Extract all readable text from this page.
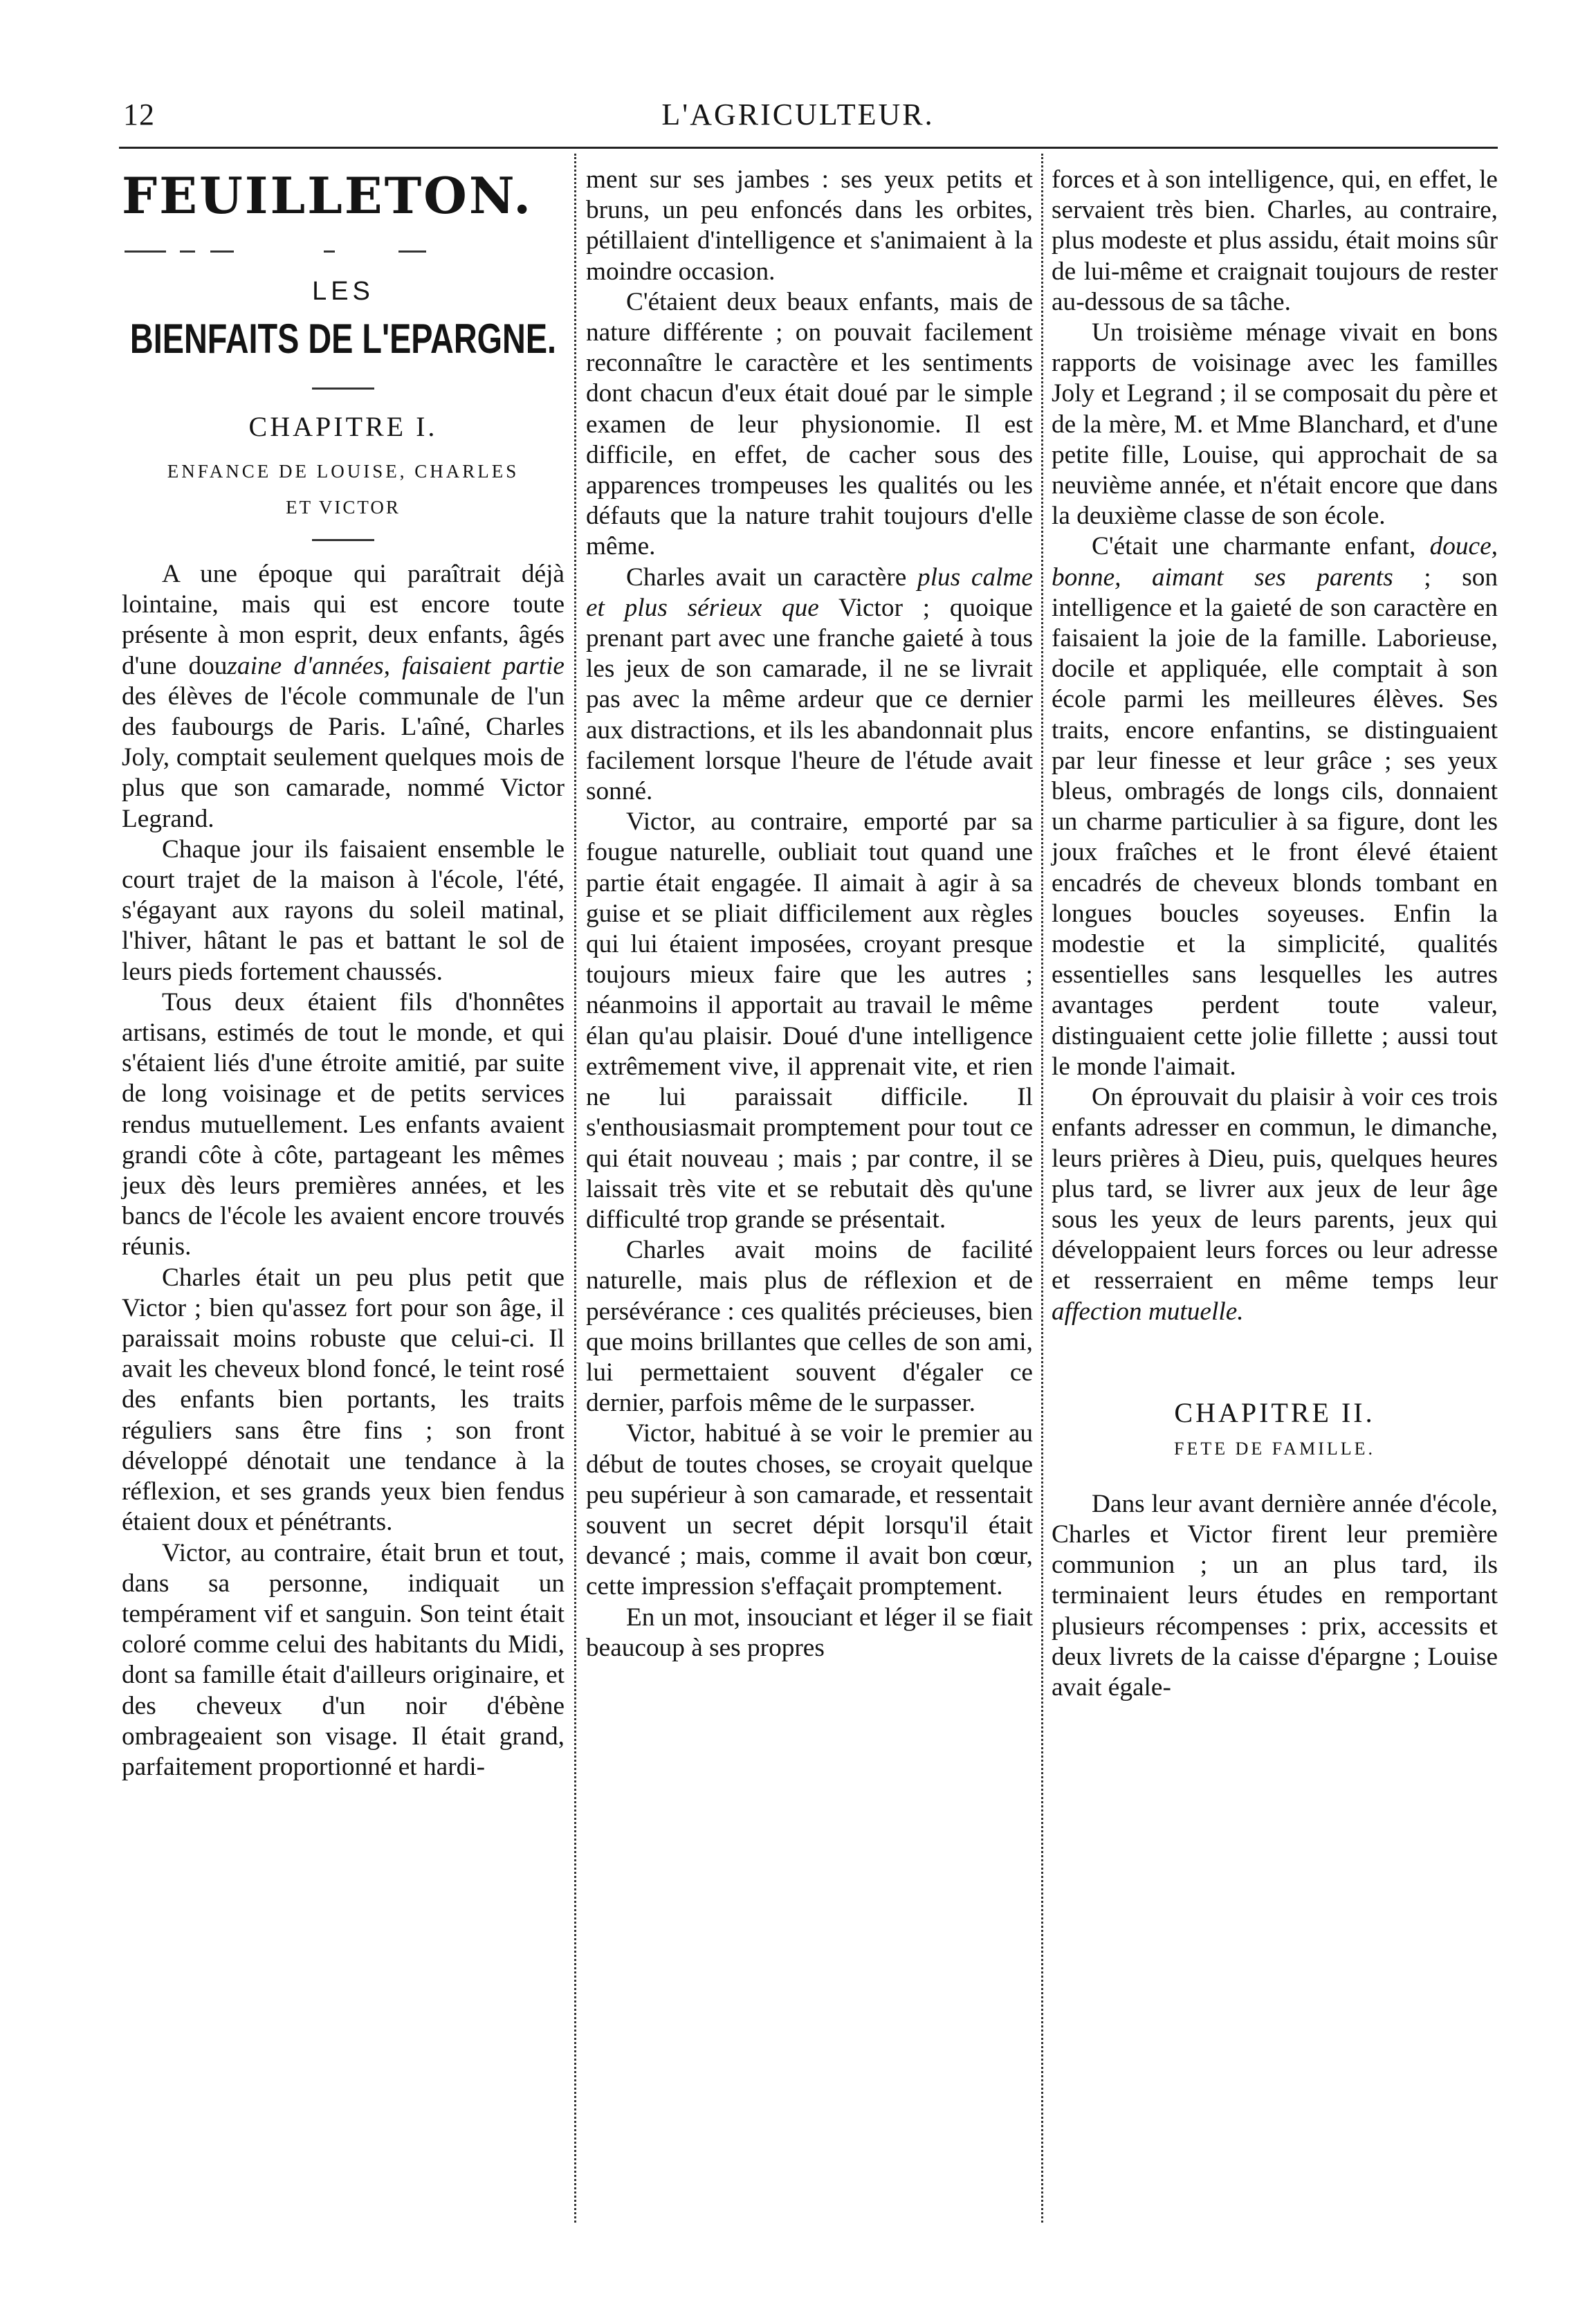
12	L'AGRICULTEUR.
FEUILLETON.
LES
BIENFAITS DE L'EPARGNE.
CHAPITRE I.
ENFANCE DE LOUISE, CHARLES
ET VICTOR

A une époque qui paraîtrait déjà lointaine, mais qui est encore toute présente à mon esprit, deux enfants, âgés d'une douzaine d'années, faisaient partie des élèves de l'école communale de l'un des faubourgs de Paris. L'aîné, Charles Joly, comptait seulement quelques mois de plus que son camarade, nommé Victor Legrand.

Chaque jour ils faisaient ensemble le court trajet de la maison à l'école, l'été, s'égayant aux rayons du soleil matinal, l'hiver, hâtant le pas et battant le sol de leurs pieds fortement chaussés.

Tous deux étaient fils d'honnêtes artisans, estimés de tout le monde, et qui s'étaient liés d'une étroite amitié, par suite de long voisinage et de petits services rendus mutuellement. Les enfants avaient grandi côte à côte, partageant les mêmes jeux dès leurs premières années, et les bancs de l'école les avaient encore trouvés réunis.

Charles était un peu plus petit que Victor ; bien qu'assez fort pour son âge, il paraissait moins robuste que celui-ci. Il avait les cheveux blond foncé, le teint rosé des enfants bien portants, les traits réguliers sans être fins ; son front développé dénotait une tendance à la réflexion, et ses grands yeux bien fendus étaient doux et pénétrants.

Victor, au contraire, était brun et tout, dans sa personne, indiquait un tempérament vif et sanguin. Son teint était coloré comme celui des habitants du Midi, dont sa famille était d'ailleurs originaire, et des cheveux d'un noir d'ébène ombrageaient son visage. Il était grand, parfaitement proportionné et hardi-

ment sur ses jambes : ses yeux petits et bruns, un peu enfoncés dans les orbites, pétillaient d'intelligence et s'animaient à la moindre occasion.

C'étaient deux beaux enfants, mais de nature différente ; on pouvait facilement reconnaître le caractère et les sentiments dont chacun d'eux était doué par le simple examen de leur physionomie. Il est difficile, en effet, de cacher sous des apparences trompeuses les qualités ou les défauts que la nature trahit toujours d'elle même.

Charles avait un caractère plus calme et plus sérieux que Victor ; quoique prenant part avec une franche gaieté à tous les jeux de son camarade, il ne se livrait pas avec la même ardeur que ce dernier aux distractions, et ils les abandonnait plus facilement lorsque l'heure de l'étude avait sonné.

Victor, au contraire, emporté par sa fougue naturelle, oubliait tout quand une partie était engagée. Il aimait à agir à sa guise et se pliait difficilement aux règles qui lui étaient imposées, croyant presque toujours mieux faire que les autres ; néanmoins il apportait au travail le même élan qu'au plaisir. Doué d'une intelligence extrêmement vive, il apprenait vite, et rien ne lui paraissait difficile. Il s'enthousiasmait promptement pour tout ce qui était nouveau ; mais ; par contre, il se laissait très vite et se rebutait dès qu'une difficulté trop grande se présentait.

Charles avait moins de facilité naturelle, mais plus de réflexion et de persévérance : ces qualités précieuses, bien que moins brillantes que celles de son ami, lui permettaient souvent d'égaler ce dernier, parfois même de le surpasser.

Victor, habitué à se voir le premier au début de toutes choses, se croyait quelque peu supérieur à son camarade, et ressentait souvent un secret dépit lorsqu'il était devancé ; mais, comme il avait bon cœur, cette impression s'effaçait promptement.

En un mot, insouciant et léger il se fiait beaucoup à ses propres

forces et à son intelligence, qui, en effet, le servaient très bien. Charles, au contraire, plus modeste et plus assidu, était moins sûr de lui-même et craignait toujours de rester au-dessous de sa tâche.

Un troisième ménage vivait en bons rapports de voisinage avec les familles Joly et Legrand ; il se composait du père et de la mère, M. et Mme Blanchard, et d'une petite fille, Louise, qui approchait de sa neuvième année, et n'était encore que dans la deuxième classe de son école.

C'était une charmante enfant, douce, bonne, aimant ses parents ; son intelligence et la gaieté de son caractère en faisaient la joie de la famille. Laborieuse, docile et appliquée, elle comptait à son école parmi les meilleures élèves. Ses traits, encore enfantins, se distinguaient par leur finesse et leur grâce ; ses yeux bleus, ombragés de longs cils, donnaient un charme particulier à sa figure, dont les joux fraîches et le front élevé étaient encadrés de cheveux blonds tombant en longues boucles soyeuses. Enfin la modestie et la simplicité, qualités essentielles sans lesquelles les autres avantages perdent toute valeur, distinguaient cette jolie fillette ; aussi tout le monde l'aimait.

On éprouvait du plaisir à voir ces trois enfants adresser en commun, le dimanche, leurs prières à Dieu, puis, quelques heures plus tard, se livrer aux jeux de leur âge sous les yeux de leurs parents, jeux qui développaient leurs forces ou leur adresse et resserraient en même temps leur affection mutuelle.

CHAPITRE II.
FETE DE FAMILLE.

Dans leur avant dernière année d'école, Charles et Victor firent leur première communion ; un an plus tard, ils terminaient leurs études en remportant plusieurs récompenses : prix, accessits et deux livrets de la caisse d'épargne ; Louise avait égale-
